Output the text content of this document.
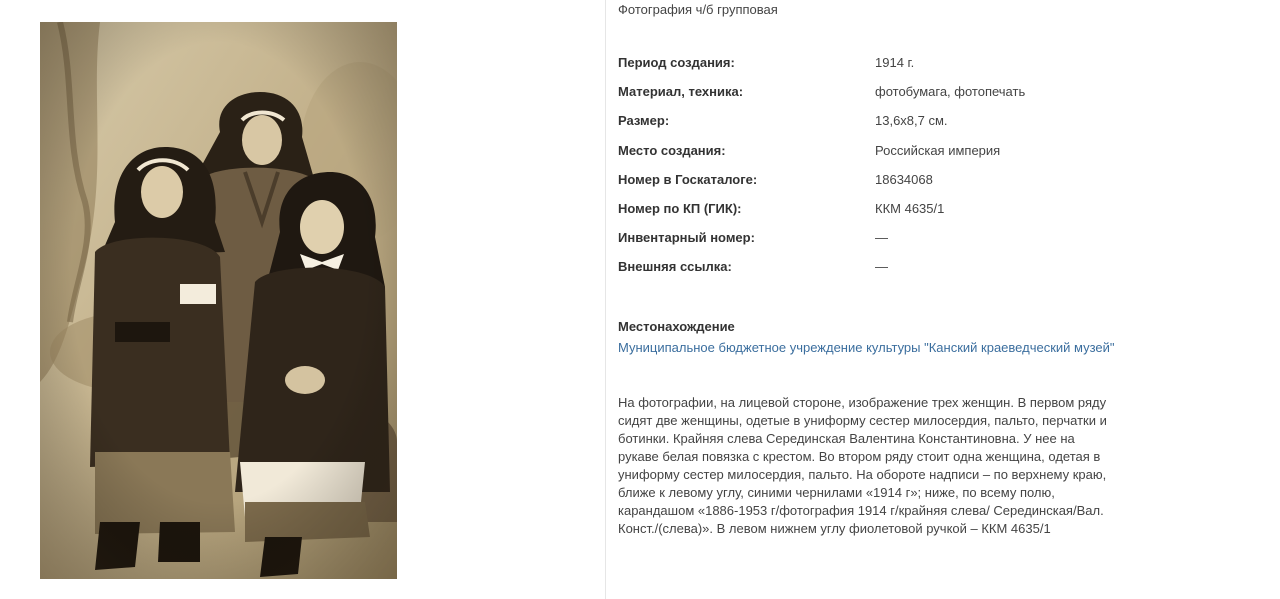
Фотография ч/б групповая
Период создания:	1914 г.
Материал, техника:	фотобумага, фотопечать
Размер:	13,6х8,7 см.
Место создания:	Российская империя
Номер в Госкаталоге:	18634068
Номер по КП (ГИК):	ККМ 4635/1
Инвентарный номер:	—
Внешняя ссылка:	—
Местонахождение
Муниципальное бюджетное учреждение культуры "Канский краеведческий музей"
На фотографии, на лицевой стороне, изображение трех женщин. В первом ряду сидят две женщины, одетые в униформу сестер милосердия, пальто, перчатки и ботинки. Крайняя слева Серединская Валентина Константиновна. У нее на рукаве белая повязка с крестом. Во втором ряду стоит одна женщина, одетая в униформу сестер милосердия, пальто. На обороте надписи – по верхнему краю, ближе к левому углу, синими чернилами «1914 г»; ниже, по всему полю, карандашом «1886-1953 г/фотография 1914 г/крайняя слева/ Серединская/Вал. Конст./(слева)». В левом нижнем углу фиолетовой ручкой – ККМ 4635/1
